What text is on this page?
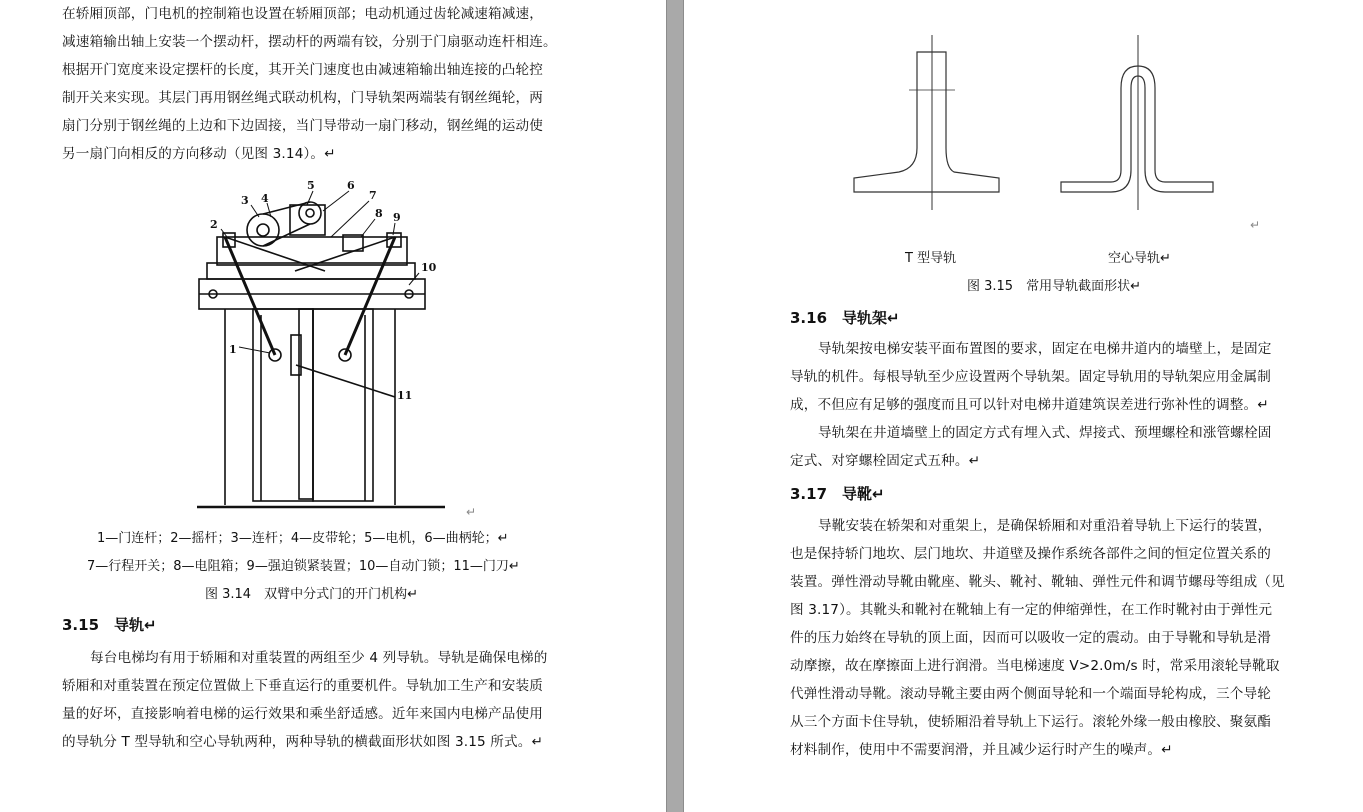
在轿厢顶部，门电机的控制箱也设置在轿厢顶部；电动机通过齿轮减速箱减速，
减速箱输出轴上安装一个摆动杆，摆动杆的两端有铰，分别于门扇驱动连杆相连。
根据开门宽度来设定摆杆的长度，其开关门速度也由减速箱输出轴连接的凸轮控
制开关来实现。其层门再用钢丝绳式联动机构，门导轨架两端装有钢丝绳轮，两
扇门分别于钢丝绳的上边和下边固接，当门导带动一扇门移动，钢丝绳的运动使
另一扇门向相反的方向移动（见图 3.14）。↵
1
2
3 4
5	6
7
8 9
10
11
↵
1—门连杆；2—摇杆；3—连杆；4—皮带轮；5—电机，6—曲柄轮；↵
7—行程开关；8—电阻箱；9—强迫锁紧装置；10—自动门锁；11—门刀↵
图 3.14　双臂中分式门的开门机构↵
3.15　导轨↵
每台电梯均有用于轿厢和对重装置的两组至少 4 列导轨。导轨是确保电梯的
轿厢和对重装置在预定位置做上下垂直运行的重要机件。导轨加工生产和安装质
量的好坏，直接影响着电梯的运行效果和乘坐舒适感。近年来国内电梯产品使用
的导轨分 T 型导轨和空心导轨两种，两种导轨的横截面形状如图 3.15 所式。↵
↵
T 型导轨	空心导轨↵
图 3.15　常用导轨截面形状↵
3.16　导轨架↵
导轨架按电梯安装平面布置图的要求，固定在电梯井道内的墙壁上，是固定
导轨的机件。每根导轨至少应设置两个导轨架。固定导轨用的导轨架应用金属制
成，不但应有足够的强度而且可以针对电梯井道建筑误差进行弥补性的调整。↵
导轨架在井道墙壁上的固定方式有埋入式、焊接式、预埋螺栓和涨管螺栓固
定式、对穿螺栓固定式五种。↵
3.17　导靴↵
导靴安装在轿架和对重架上，是确保轿厢和对重沿着导轨上下运行的装置，
也是保持轿门地坎、层门地坎、井道壁及操作系统各部件之间的恒定位置关系的
装置。弹性滑动导靴由靴座、靴头、靴衬、靴轴、弹性元件和调节螺母等组成（见
图 3.17）。其靴头和靴衬在靴轴上有一定的伸缩弹性，在工作时靴衬由于弹性元
件的压力始终在导轨的顶上面，因而可以吸收一定的震动。由于导靴和导轨是滑
动摩擦，故在摩擦面上进行润滑。当电梯速度 V>2.0m/s 时，常采用滚轮导靴取
代弹性滑动导靴。滚动导靴主要由两个侧面导轮和一个端面导轮构成，三个导轮
从三个方面卡住导轨，使轿厢沿着导轨上下运行。滚轮外缘一般由橡胶、聚氨酯
材料制作，使用中不需要润滑，并且减少运行时产生的噪声。↵
